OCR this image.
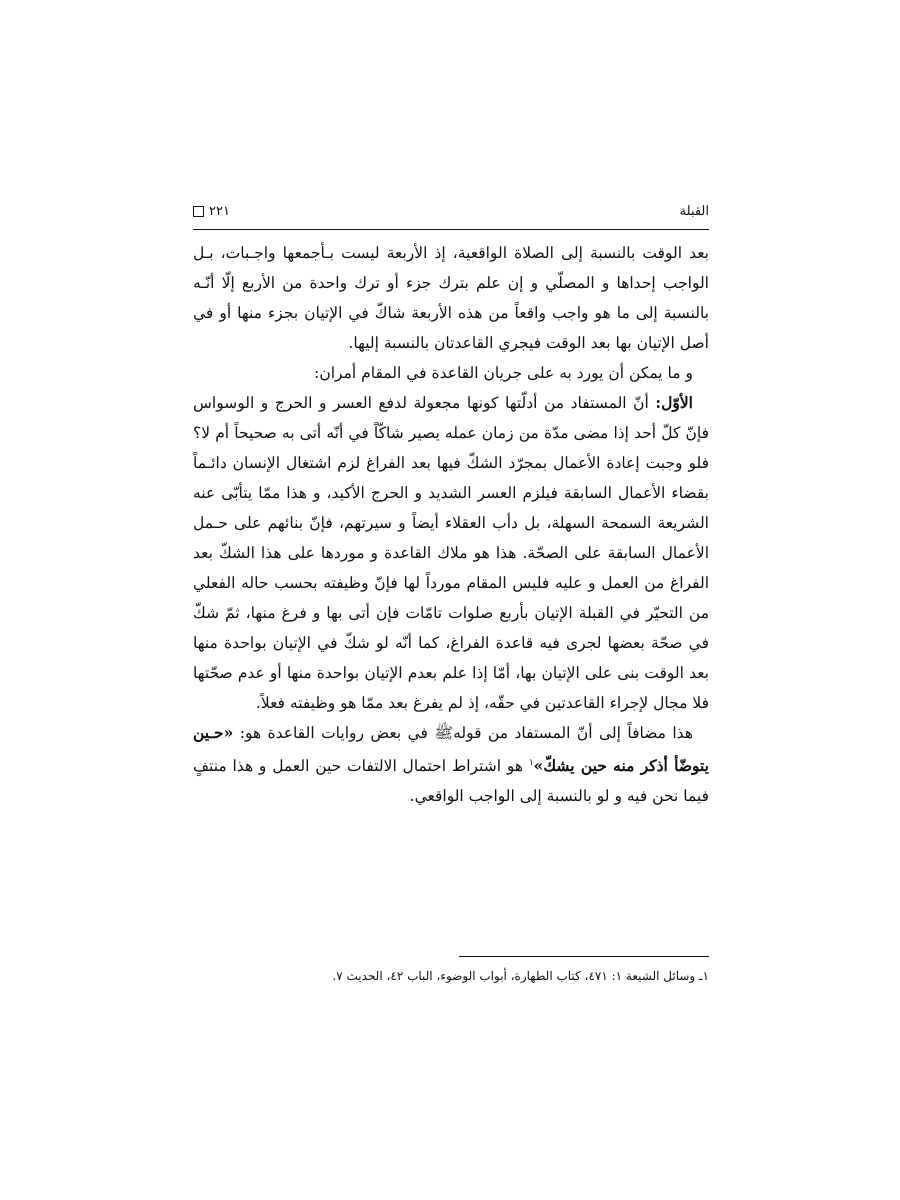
القبلة
٢٢١

بعد الوقت بالنسبة إلى الصلاة الواقعية، إذ الأربعة ليست بـأجمعها واجـبات، بـل الواجب إحداها و المصلّي و إن علم بترك جزء أو ترك واحدة من الأربع إلّا أنّـه بالنسبة إلى ما هو واجب واقعاً من هذه الأربعة شاكّ في الإتيان بجزء منها أو في أصل الإتيان بها بعد الوقت فيجري القاعدتان بالنسبة إليها.

و ما يمكن أن يورد به على جريان القاعدة في المقام أمران:

الأوّل: أنّ المستفاد من أدلّتها كونها مجعولة لدفع العسر و الحرج و الوسواس فإنّ كلّ أحد إذا مضى مدّة من زمان عمله يصير شاكّاً في أنّه أتى به صحيحاً أم لا؟ فلو وجبت إعادة الأعمال بمجرّد الشكّ فيها بعد الفراغ لزم اشتغال الإنسان دائـماً بقضاء الأعمال السابقة فيلزم العسر الشديد و الحرج الأكيد، و هذا ممّا يتأبّى عنه الشريعة السمحة السهلة، بل دأب العقلاء أيضاً و سيرتهم، فإنّ بنائهم على حـمل الأعمال السابقة على الصحّة. هذا هو ملاك القاعدة و موردها على هذا الشكّ بعد الفراغ من العمل و عليه فليس المقام مورداً لها فإنّ وظيفته بحسب حاله الفعلي من التحيّر في القبلة الإتيان بأربع صلوات تامّات فإن أتى بها و فرغ منها، ثمّ شكّ في صحّة بعضها لجرى فيه قاعدة الفراغ، كما أنّه لو شكّ في الإتيان بواحدة منها بعد الوقت بنى على الإتيان بها، أمّا إذا علم بعدم الإتيان بواحدة منها أو عدم صحّتها فلا مجال لإجراء القاعدتين في حقّه، إذ لم يفرغ بعد ممّا هو وظيفته فعلاً.

هذا مضافاً إلى أنّ المستفاد من قولهﷺ في بعض روايات القاعدة هو: «حـين يتوضّأ أذكر منه حين يشكّ»$^١$ هو اشتراط احتمال الالتفات حين العمل و هذا منتفٍ فيما نحن فيه و لو بالنسبة إلى الواجب الواقعي.

١ـ وسائل الشيعة ١: ٤٧١، كتاب الطهارة، أبواب الوضوء، الباب ٤٢، الحديث ٧.
